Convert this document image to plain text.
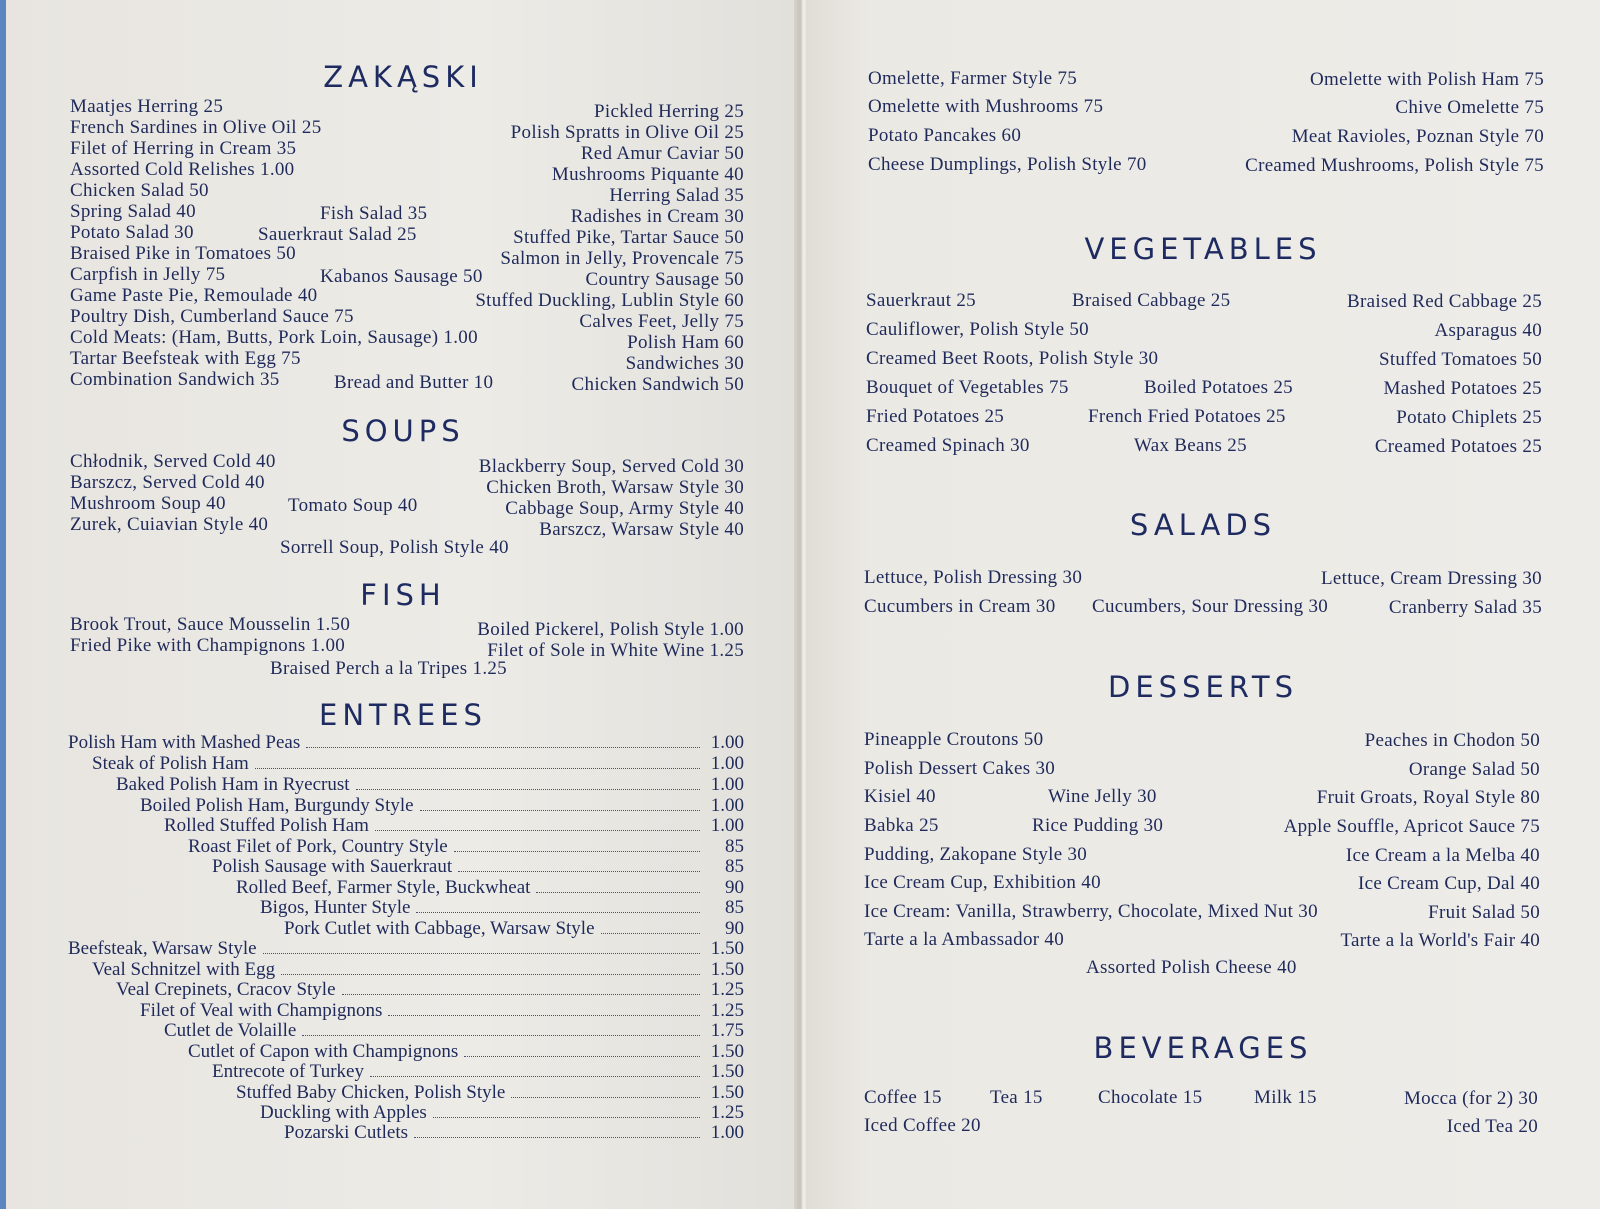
ZAKĄSKI
Maatjes Herring 25	Pickled Herring 25
French Sardines in Olive Oil 25	Polish Spratts in Olive Oil 25
Filet of Herring in Cream 35	Red Amur Caviar 50
Assorted Cold Relishes 1.00	Mushrooms Piquante 40
Chicken Salad 50	Herring Salad 35
Spring Salad 40	Fish Salad 35	Radishes in Cream 30
Potato Salad 30	Sauerkraut Salad 25	Stuffed Pike, Tartar Sauce 50
Braised Pike in Tomatoes 50	Salmon in Jelly, Provencale 75
Carpfish in Jelly 75	Kabanos Sausage 50	Country Sausage 50
Game Paste Pie, Remoulade 40	Stuffed Duckling, Lublin Style 60
Poultry Dish, Cumberland Sauce 75	Calves Feet, Jelly 75
Cold Meats: (Ham, Butts, Pork Loin, Sausage) 1.00	Polish Ham 60
Tartar Beefsteak with Egg 75	Sandwiches 30
Combination Sandwich 35	Bread and Butter 10	Chicken Sandwich 50
SOUPS
Chłodnik, Served Cold 40	Blackberry Soup, Served Cold 30
Barszcz, Served Cold 40	Chicken Broth, Warsaw Style 30
Mushroom Soup 40	Tomato Soup 40	Cabbage Soup, Army Style 40
Zurek, Cuiavian Style 40	Barszcz, Warsaw Style 40
Sorrell Soup, Polish Style 40
FISH
Brook Trout, Sauce Mousselin 1.50	Boiled Pickerel, Polish Style 1.00
Fried Pike with Champignons 1.00	Filet of Sole in White Wine 1.25
Braised Perch a la Tripes 1.25
ENTREES
Polish Ham with Mashed Peas	1.00
Steak of Polish Ham	1.00
Baked Polish Ham in Ryecrust	1.00
Boiled Polish Ham, Burgundy Style	1.00
Rolled Stuffed Polish Ham	1.00
Roast Filet of Pork, Country Style	85
Polish Sausage with Sauerkraut	85
Rolled Beef, Farmer Style, Buckwheat	90
Bigos, Hunter Style	85
Pork Cutlet with Cabbage, Warsaw Style	90
Beefsteak, Warsaw Style	1.50
Veal Schnitzel with Egg	1.50
Veal Crepinets, Cracov Style	1.25
Filet of Veal with Champignons	1.25
Cutlet de Volaille	1.75
Cutlet of Capon with Champignons	1.50
Entrecote of Turkey	1.50
Stuffed Baby Chicken, Polish Style	1.50
Duckling with Apples	1.25
Pozarski Cutlets	1.00
Omelette, Farmer Style 75	Omelette with Polish Ham 75
Omelette with Mushrooms 75	Chive Omelette 75
Potato Pancakes 60	Meat Ravioles, Poznan Style 70
Cheese Dumplings, Polish Style 70	Creamed Mushrooms, Polish Style 75
VEGETABLES
Sauerkraut 25	Braised Cabbage 25	Braised Red Cabbage 25
Cauliflower, Polish Style 50	Asparagus 40
Creamed Beet Roots, Polish Style 30	Stuffed Tomatoes 50
Bouquet of Vegetables 75	Boiled Potatoes 25	Mashed Potatoes 25
Fried Potatoes 25	French Fried Potatoes 25	Potato Chiplets 25
Creamed Spinach 30	Wax Beans 25	Creamed Potatoes 25
SALADS
Lettuce, Polish Dressing 30	Lettuce, Cream Dressing 30
Cucumbers in Cream 30 Cucumbers, Sour Dressing 30	Cranberry Salad 35
DESSERTS
Pineapple Croutons 50	Peaches in Chodon 50
Polish Dessert Cakes 30	Orange Salad 50
Kisiel 40	Wine Jelly 30	Fruit Groats, Royal Style 80
Babka 25	Rice Pudding 30	Apple Souffle, Apricot Sauce 75
Pudding, Zakopane Style 30	Ice Cream a la Melba 40
Ice Cream Cup, Exhibition 40	Ice Cream Cup, Dal 40
Ice Cream: Vanilla, Strawberry, Chocolate, Mixed Nut 30	Fruit Salad 50
Tarte a la Ambassador 40	Tarte a la World's Fair 40
Assorted Polish Cheese 40
BEVERAGES
Coffee 15	Tea 15	Chocolate 15	Milk 15	Mocca (for 2) 30
Iced Coffee 20	Iced Tea 20
